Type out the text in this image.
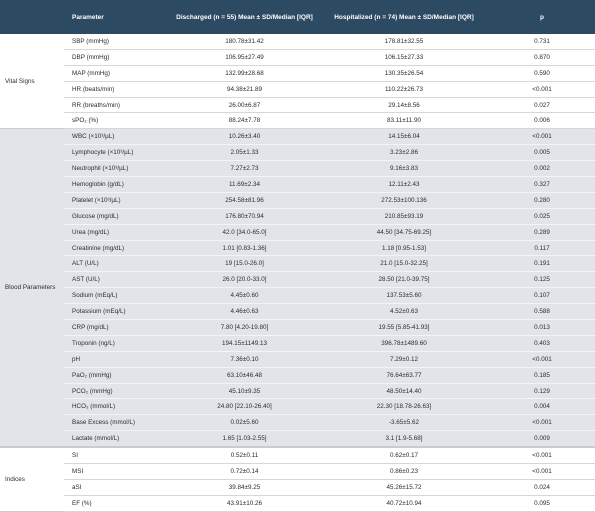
	Parameter	Discharged (n = 55) Mean ± SD/Median [IQR]	Hospitalized (n = 74) Mean ± SD/Median [IQR]	p
Vital Signs	SBP (mmHg)	180.78±31.42	178.81±32.55	0.731
	DBP (mmHg)	106.95±27.49	106.15±27.33	0.870
	MAP (mmHg)	132.99±28.68	130.35±26.54	0.590
	HR (beats/min)	94.38±21.89	110.22±26.73	<0.001
	RR (breaths/min)	26.00±6.87	29.14±8.56	0.027
	sPO₂ (%)	88.24±7.78	83.11±11.90	0.006
Blood Parameters	WBC (×10³/µL)	10.26±3.40	14.15±6.04	<0.001
	Lymphocyte (×10³/µL)	2.05±1.33	3.23±2.86	0.005
	Neutrophil (×10³/µL)	7.27±2.73	9.16±3.83	0.002
	Hemoglobin (g/dL)	11.69±2.34	12.11±2.43	0.327
	Platelet (×10³/µL)	254.58±81.96	272.53±100.136	0.280
	Glucose (mg/dL)	176.80±70.94	210.85±93.19	0.025
	Urea (mg/dL)	42.0 [34.0-65.0]	44.50 [34.75-69.25]	0.289
	Creatinine (mg/dL)	1.01 [0.83-1.36]	1.18 [0.95-1.53]	0.117
	ALT (U/L)	19 [15.0-26.0]	21.0 [15.0-32.25]	0.191
	AST (U/L)	26.0 [20.0-33.0]	28.50 [21.0-39.75]	0.125
	Sodium (mEq/L)	4.45±0.60	137.53±5.60	0.107
	Potassium (mEq/L)	4.46±0.63	4.52±0.63	0.588
	CRP (mg/dL)	7.80 [4.20-19.80]	19.55 [5.85-41.93]	0.013
	Troponin (ng/L)	194.15±1149.13	396.78±1489.60	0.403
	pH	7.36±0.10	7.29±0.12	<0.001
	PaO₂ (mmHg)	63.10±46.48	76.64±63.77	0.185
	PCO₂ (mmHg)	45.10±9.35	48.50±14.40	0.129
	HCO₃ (mmol/L)	24.80 [22.10-26.40]	22.30 [18.78-26.63]	0.004
	Base Excess (mmol/L)	0.02±5.60	-3.65±5.62	<0.001
	Lactate (mmol/L)	1.65 [1.03-2.55]	3.1 [1.9-5.68]	0.009
Indices	SI	0.52±0.11	0.62±0.17	<0.001
	MSI	0.72±0.14	0.86±0.23	<0.001
	aSI	39.84±9.25	45.26±15.72	0.024
	EF (%)	43.91±10.26	40.72±10.94	0.095
